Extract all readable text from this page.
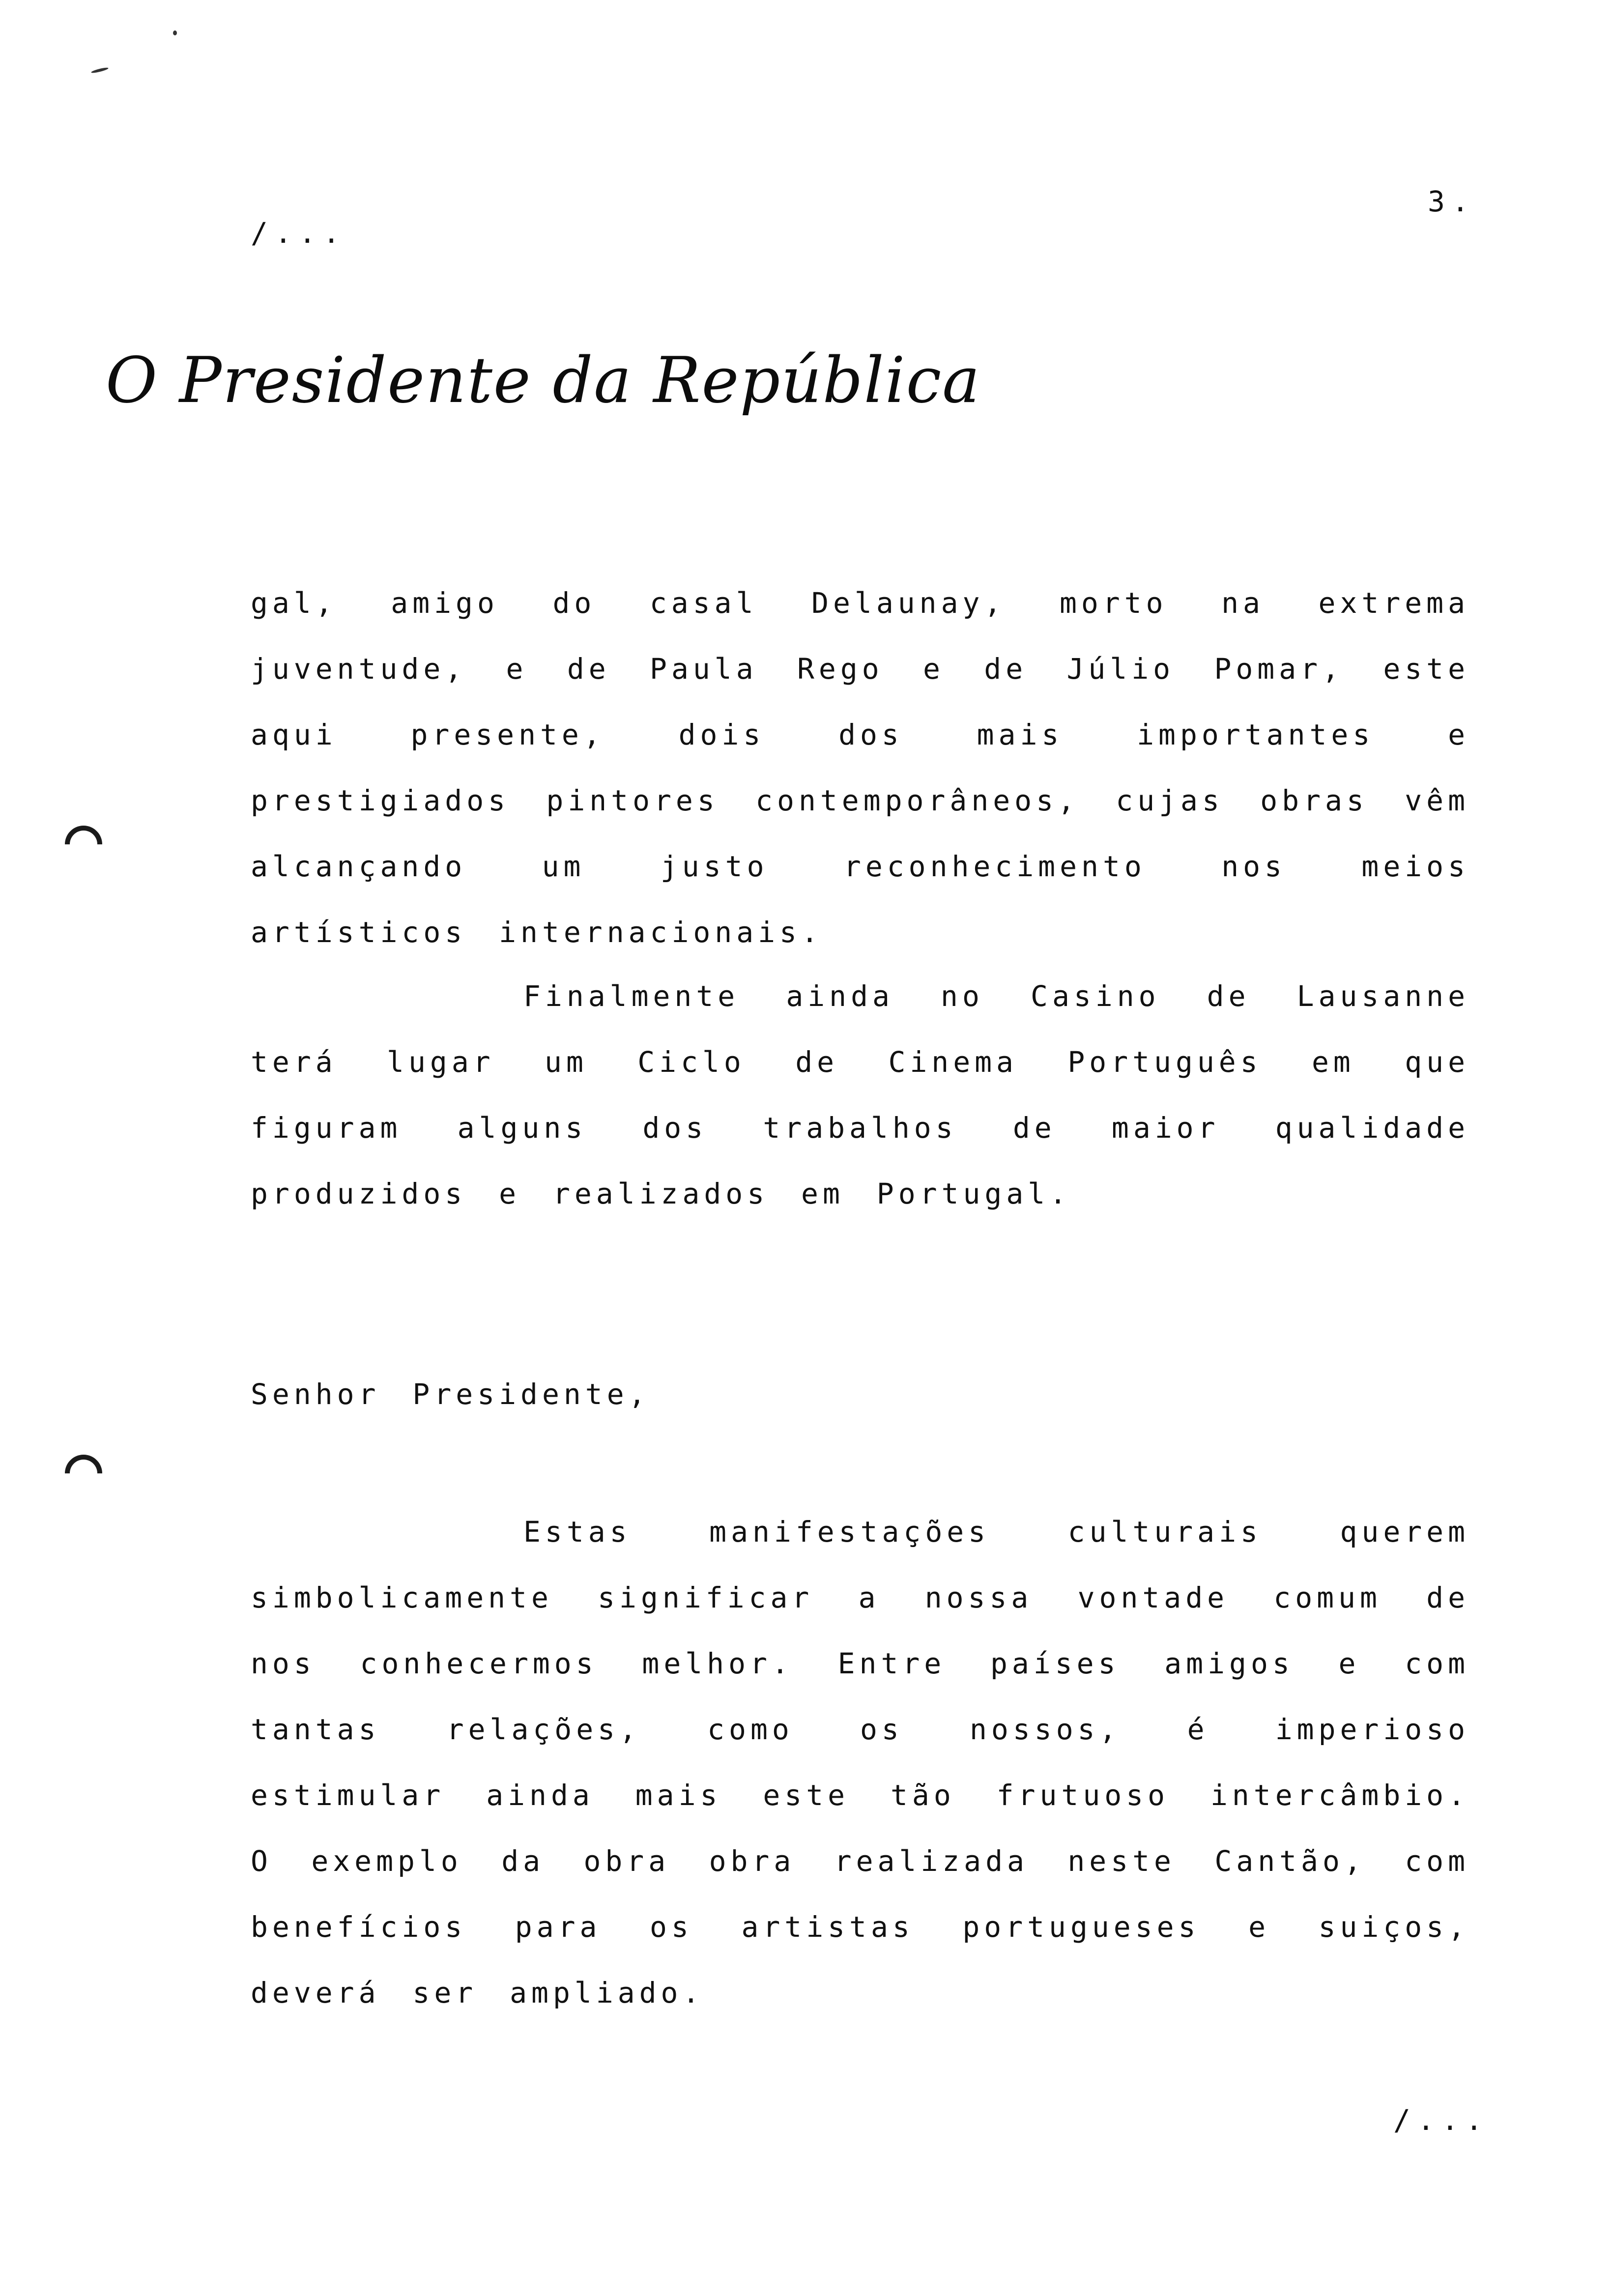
3.
/...
O Presidente da República

gal, amigo do casal Delaunay, morto na extrema juventude, e de Paula Rego e de Júlio Pomar, este aqui presente, dois dos mais importantes e prestigiados pintores contemporâneos, cujas obras vêm alcançando um justo reconhecimento nos meios artísticos internacionais.

Finalmente ainda no Casino de Lausanne terá lugar um Ciclo de Cinema Português em que figuram alguns dos trabalhos de maior qualidade produzidos e realizados em Portugal.

Senhor Presidente,

Estas manifestações culturais querem simbolicamente significar a nossa vontade comum de nos conhecermos melhor. Entre países amigos e com tantas relações, como os nossos, é imperioso estimular ainda mais este tão frutuoso intercâmbio. O exemplo da obra obra realizada neste Cantão, com benefícios para os artistas portugueses e suiços, deverá ser ampliado.

/...
